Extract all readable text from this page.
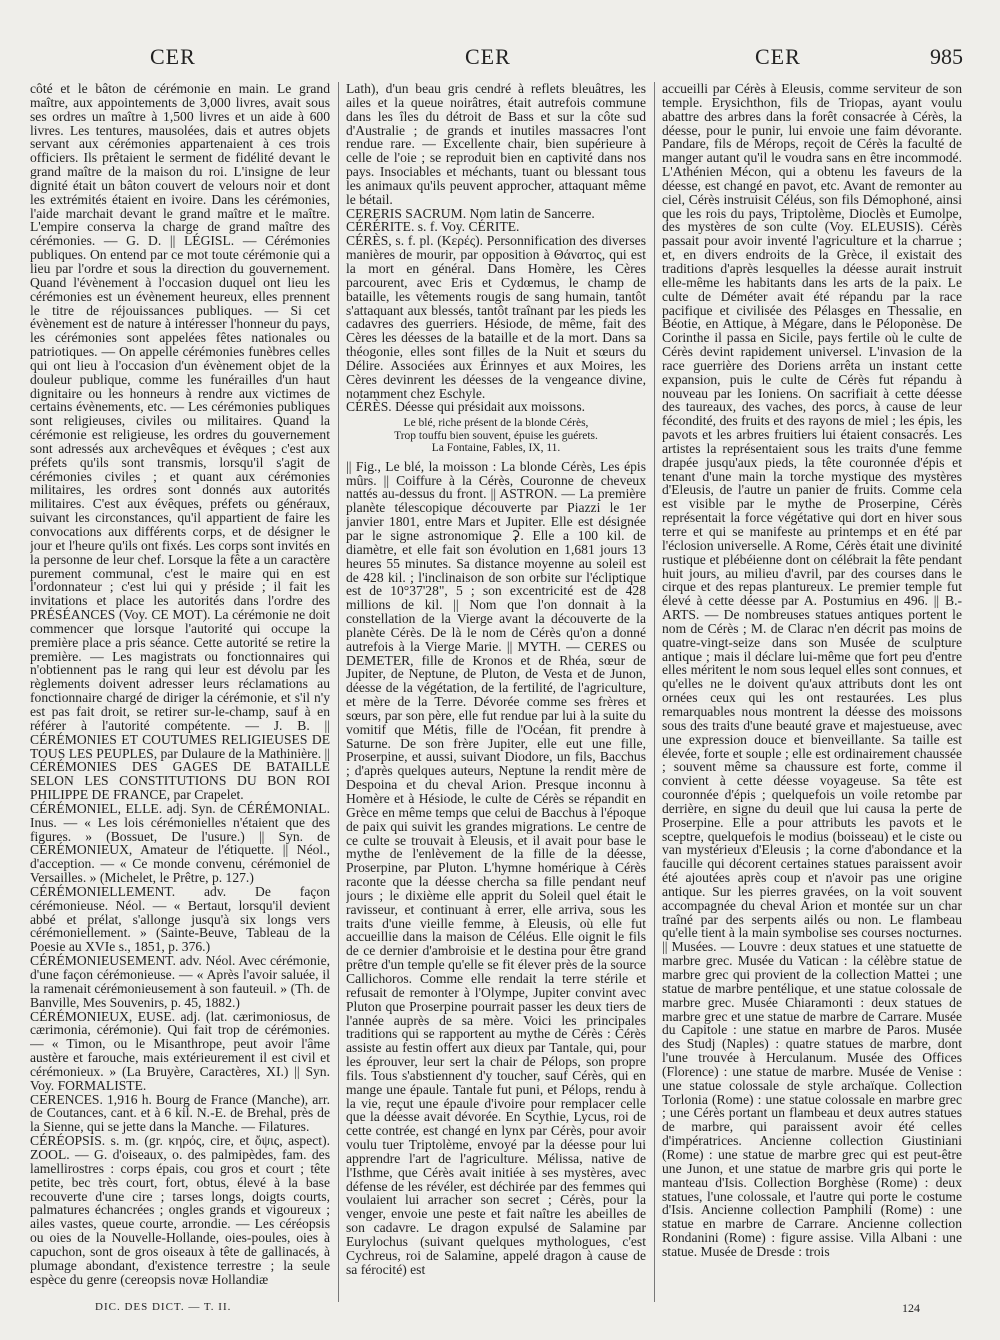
CER	CER	CER	985

côté et le bâton de cérémonie en main. Le grand maître, aux appointements de 3,000 livres, avait sous ses ordres un maître à 1,500 livres et un aide à 600 livres. Les tentures, mausolées, dais et autres objets servant aux cérémonies appartenaient à ces trois officiers. Ils prêtaient le serment de fidélité devant le grand maître de la maison du roi. L'insigne de leur dignité était un bâton couvert de velours noir et dont les extrémités étaient en ivoire. Dans les cérémonies, l'aide marchait devant le grand maître et le maître. L'empire conserva la charge de grand maître des cérémonies. — G. D. || LÉGISL. — Cérémonies publiques. On entend par ce mot toute cérémonie qui a lieu par l'ordre et sous la direction du gouvernement. Quand l'évènement à l'occasion duquel ont lieu les cérémonies est un évènement heureux, elles prennent le titre de réjouissances publiques. — Si cet évènement est de nature à intéresser l'honneur du pays, les cérémonies sont appelées fêtes nationales ou patriotiques. — On appelle cérémonies funèbres celles qui ont lieu à l'occasion d'un évènement objet de la douleur publique, comme les funérailles d'un haut dignitaire ou les honneurs à rendre aux victimes de certains évènements, etc. — Les cérémonies publiques sont religieuses, civiles ou militaires. Quand la cérémonie est religieuse, les ordres du gouvernement sont adressés aux archevêques et évêques ; c'est aux préfets qu'ils sont transmis, lorsqu'il s'agit de cérémonies civiles ; et quant aux cérémonies militaires, les ordres sont donnés aux autorités militaires. C'est aux évêques, préfets ou généraux, suivant les circonstances, qu'il appartient de faire les convocations aux différents corps, et de désigner le jour et l'heure qu'ils ont fixés. Les corps sont invités en la personne de leur chef. Lorsque la fête a un caractère purement communal, c'est le maire qui en est l'ordonnateur ; c'est lui qui y préside ; il fait les invitations et place les autorités dans l'ordre des PRÉSÉANCES (Voy. CE MOT). La cérémonie ne doit commencer que lorsque l'autorité qui occupe la première place a pris séance. Cette autorité se retire la première. — Les magistrats ou fonctionnaires qui n'obtiennent pas le rang qui leur est dévolu par les règlements doivent adresser leurs réclamations au fonctionnaire chargé de diriger la cérémonie, et s'il n'y est pas fait droit, se retirer sur-le-champ, sauf à en référer à l'autorité compétente. — J. B. || CÉRÉMONIES ET COUTUMES RELIGIEUSES DE TOUS LES PEUPLES, par Dulaure de la Mathinière. || CÉRÉMONIES DES GAGES DE BATAILLE SELON LES CONSTITUTIONS DU BON ROI PHILIPPE DE FRANCE, par Crapelet.
CÉRÉMONIEL, ELLE. adj. Syn. de CÉRÉMONIAL. Inus. — « Les lois cérémonielles n'étaient que des figures. » (Bossuet, De l'usure.) || Syn. de CÉRÉMONIEUX, Amateur de l'étiquette. || Néol., d'acception. — « Ce monde convenu, cérémoniel de Versailles. » (Michelet, le Prêtre, p. 127.)
CÉRÉMONIELLEMENT. adv. De façon cérémonieuse. Néol. — « Bertaut, lorsqu'il devient abbé et prélat, s'allonge jusqu'à six longs vers cérémoniellement. » (Sainte-Beuve, Tableau de la Poesie au XVIe s., 1851, p. 376.)
CÉRÉMONIEUSEMENT. adv. Néol. Avec cérémonie, d'une façon cérémonieuse. — « Après l'avoir saluée, il la ramenait cérémonieusement à son fauteuil. » (Th. de Banville, Mes Souvenirs, p. 45, 1882.)
CÉRÉMONIEUX, EUSE. adj. (lat. cærimoniosus, de cærimonia, cérémonie). Qui fait trop de cérémonies. — « Timon, ou le Misanthrope, peut avoir l'âme austère et farouche, mais extérieurement il est civil et cérémonieux. » (La Bruyère, Caractères, XI.) || Syn. Voy. FORMALISTE.
CERENCES. 1,916 h. Bourg de France (Manche), arr. de Coutances, cant. et à 6 kil. N.-E. de Brehal, près de la Sienne, qui se jette dans la Manche. — Filatures.
CÉRÉOPSIS. s. m. (gr. κηρός, cire, et ὄψις, aspect). ZOOL. — G. d'oiseaux, o. des palmipèdes, fam. des lamellirostres : corps épais, cou gros et court ; tête petite, bec très court, fort, obtus, élevé à la base recouverte d'une cire ; tarses longs, doigts courts, palmatures échancrées ; ongles grands et vigoureux ; ailes vastes, queue courte, arrondie. — Les céréopsis ou oies de la Nouvelle-Hollande, oies-poules, oies à capuchon, sont de gros oiseaux à tête de gallinacés, à plumage abondant, d'existence terrestre ; la seule espèce du genre (cereopsis novæ Hollandiæ

Lath), d'un beau gris cendré à reflets bleuâtres, les ailes et la queue noirâtres, était autrefois commune dans les îles du détroit de Bass et sur la côte sud d'Australie ; de grands et inutiles massacres l'ont rendue rare. — Excellente chair, bien supérieure à celle de l'oie ; se reproduit bien en captivité dans nos pays. Insociables et méchants, tuant ou blessant tous les animaux qu'ils peuvent approcher, attaquant même le bétail.
CERERIS SACRUM. Nom latin de Sancerre.
CÉRÉRITE. s. f. Voy. CÉRITE.
CÉRÈS, s. f. pl. (Κερές). Personnification des diverses manières de mourir, par opposition à Θάνατος, qui est la mort en général. Dans Homère, les Cères parcourent, avec Eris et Cydœmus, le champ de bataille, les vêtements rougis de sang humain, tantôt s'attaquant aux blessés, tantôt traînant par les pieds les cadavres des guerriers. Hésiode, de même, fait des Cères les déesses de la bataille et de la mort. Dans sa théogonie, elles sont filles de la Nuit et sœurs du Délire. Associées aux Érinnyes et aux Moires, les Cères devinrent les déesses de la vengeance divine, notamment chez Eschyle.
CÉRÈS. Déesse qui présidait aux moissons.

Le blé, riche présent de la blonde Cérès,
Trop touffu bien souvent, épuise les guérets.
La Fontaine, Fables, IX, 11.

|| Fig., Le blé, la moisson : La blonde Cérès, Les épis mûrs. || Coiffure à la Cérès, Couronne de cheveux nattés au-dessus du front. || ASTRON. — La première planète télescopique découverte par Piazzi le 1er janvier 1801, entre Mars et Jupiter. Elle est désignée par le signe astronomique ⚳. Elle a 100 kil. de diamètre, et elle fait son évolution en 1,681 jours 13 heures 55 minutes. Sa distance moyenne au soleil est de 428 kil. ; l'inclinaison de son orbite sur l'écliptique est de 10°37'28", 5 ; son excentricité est de 428 millions de kil. || Nom que l'on donnait à la constellation de la Vierge avant la découverte de la planète Cérès. De là le nom de Cérès qu'on a donné autrefois à la Vierge Marie. || MYTH. — CERES ou DEMETER, fille de Kronos et de Rhéa, sœur de Jupiter, de Neptune, de Pluton, de Vesta et de Junon, déesse de la végétation, de la fertilité, de l'agriculture, et mère de la Terre. Dévorée comme ses frères et sœurs, par son père, elle fut rendue par lui à la suite du vomitif que Métis, fille de l'Océan, fit prendre à Saturne. De son frère Jupiter, elle eut une fille, Proserpine, et aussi, suivant Diodore, un fils, Bacchus ; d'après quelques auteurs, Neptune la rendit mère de Despoina et du cheval Arion. Presque inconnu à Homère et à Hésiode, le culte de Cérès se répandit en Grèce en même temps que celui de Bacchus à l'époque de paix qui suivit les grandes migrations. Le centre de ce culte se trouvait à Eleusis, et il avait pour base le mythe de l'enlèvement de la fille de la déesse, Proserpine, par Pluton. L'hymne homérique à Cérès raconte que la déesse chercha sa fille pendant neuf jours ; le dixième elle apprit du Soleil quel était le ravisseur, et continuant à errer, elle arriva, sous les traits d'une vieille femme, à Eleusis, où elle fut accueillie dans la maison de Céléus. Elle oignit le fils de ce dernier d'ambroisie et le destina pour être grand prêtre d'un temple qu'elle se fit élever près de la source Callichoros. Comme elle rendait la terre stérile et refusait de remonter à l'Olympe, Jupiter convint avec Pluton que Proserpine pourrait passer les deux tiers de l'année auprès de sa mère. Voici les principales traditions qui se rapportent au mythe de Cérès : Cérès assiste au festin offert aux dieux par Tantale, qui, pour les éprouver, leur sert la chair de Pélops, son propre fils. Tous s'abstiennent d'y toucher, sauf Cérès, qui en mange une épaule. Tantale fut puni, et Pélops, rendu à la vie, reçut une épaule d'ivoire pour remplacer celle que la déesse avait dévorée. En Scythie, Lycus, roi de cette contrée, est changé en lynx par Cérès, pour avoir voulu tuer Triptolème, envoyé par la déesse pour lui apprendre l'art de l'agriculture. Mélissa, native de l'Isthme, que Cérès avait initiée à ses mystères, avec défense de les révéler, est déchirée par des femmes qui voulaient lui arracher son secret ; Cérès, pour la venger, envoie une peste et fait naître les abeilles de son cadavre. Le dragon expulsé de Salamine par Eurylochus (suivant quelques mythologues, c'est Cychreus, roi de Salamine, appelé dragon à cause de sa férocité) est

accueilli par Cérès à Eleusis, comme serviteur de son temple. Erysichthon, fils de Triopas, ayant voulu abattre des arbres dans la forêt consacrée à Cérès, la déesse, pour le punir, lui envoie une faim dévorante. Pandare, fils de Mérops, reçoit de Cérès la faculté de manger autant qu'il le voudra sans en être incommodé. L'Athénien Mécon, qui a obtenu les faveurs de la déesse, est changé en pavot, etc. Avant de remonter au ciel, Cérès instruisit Céléus, son fils Démophoné, ainsi que les rois du pays, Triptolème, Dioclès et Eumolpe, des mystères de son culte (Voy. ELEUSIS). Cérès passait pour avoir inventé l'agriculture et la charrue ; et, en divers endroits de la Grèce, il existait des traditions d'après lesquelles la déesse aurait instruit elle-même les habitants dans les arts de la paix. Le culte de Déméter avait été répandu par la race pacifique et civilisée des Pélasges en Thessalie, en Béotie, en Attique, à Mégare, dans le Péloponèse. De Corinthe il passa en Sicile, pays fertile où le culte de Cérès devint rapidement universel. L'invasion de la race guerrière des Doriens arrêta un instant cette expansion, puis le culte de Cérès fut répandu à nouveau par les Ioniens. On sacrifiait à cette déesse des taureaux, des vaches, des porcs, à cause de leur fécondité, des fruits et des rayons de miel ; les épis, les pavots et les arbres fruitiers lui étaient consacrés. Les artistes la représentaient sous les traits d'une femme drapée jusqu'aux pieds, la tête couronnée d'épis et tenant d'une main la torche mystique des mystères d'Eleusis, de l'autre un panier de fruits. Comme cela est visible par le mythe de Proserpine, Cérès représentait la force végétative qui dort en hiver sous terre et qui se manifeste au printemps et en été par l'éclosion universelle. A Rome, Cérès était une divinité rustique et plébéienne dont on célébrait la fête pendant huit jours, au milieu d'avril, par des courses dans le cirque et des repas plantureux. Le premier temple fut élevé à cette déesse par A. Postumius en 496. || B.-ARTS. — De nombreuses statues antiques portent le nom de Cérès ; M. de Clarac n'en décrit pas moins de quatre-vingt-seize dans son Musée de sculpture antique ; mais il déclare lui-même que fort peu d'entre elles méritent le nom sous lequel elles sont connues, et qu'elles ne le doivent qu'aux attributs dont les ont ornées ceux qui les ont restaurées. Les plus remarquables nous montrent la déesse des moissons sous des traits d'une beauté grave et majestueuse, avec une expression douce et bienveillante. Sa taille est élevée, forte et souple ; elle est ordinairement chaussée ; souvent même sa chaussure est forte, comme il convient à cette déesse voyageuse. Sa tête est couronnée d'épis ; quelquefois un voile retombe par derrière, en signe du deuil que lui causa la perte de Proserpine. Elle a pour attributs les pavots et le sceptre, quelquefois le modius (boisseau) et le ciste ou van mystérieux d'Eleusis ; la corne d'abondance et la faucille qui décorent certaines statues paraissent avoir été ajoutées après coup et n'avoir pas une origine antique. Sur les pierres gravées, on la voit souvent accompagnée du cheval Arion et montée sur un char traîné par des serpents ailés ou non. Le flambeau qu'elle tient à la main symbolise ses courses nocturnes. || Musées. — Louvre : deux statues et une statuette de marbre grec. Musée du Vatican : la célèbre statue de marbre grec qui provient de la collection Mattei ; une statue de marbre pentélique, et une statue colossale de marbre grec. Musée Chiaramonti : deux statues de marbre grec et une statue de marbre de Carrare. Musée du Capitole : une statue en marbre de Paros. Musée des Studj (Naples) : quatre statues de marbre, dont l'une trouvée à Herculanum. Musée des Offices (Florence) : une statue de marbre. Musée de Venise : une statue colossale de style archaïque. Collection Torlonia (Rome) : une statue colossale en marbre grec ; une Cérès portant un flambeau et deux autres statues de marbre, qui paraissent avoir été celles d'impératrices. Ancienne collection Giustiniani (Rome) : une statue de marbre grec qui est peut-être une Junon, et une statue de marbre gris qui porte le manteau d'Isis. Collection Borghèse (Rome) : deux statues, l'une colossale, et l'autre qui porte le costume d'Isis. Ancienne collection Pamphili (Rome) : une statue en marbre de Carrare. Ancienne collection Rondanini (Rome) : figure assise. Villa Albani : une statue. Musée de Dresde : trois

DIC. DES DICT. — T. II.	124
